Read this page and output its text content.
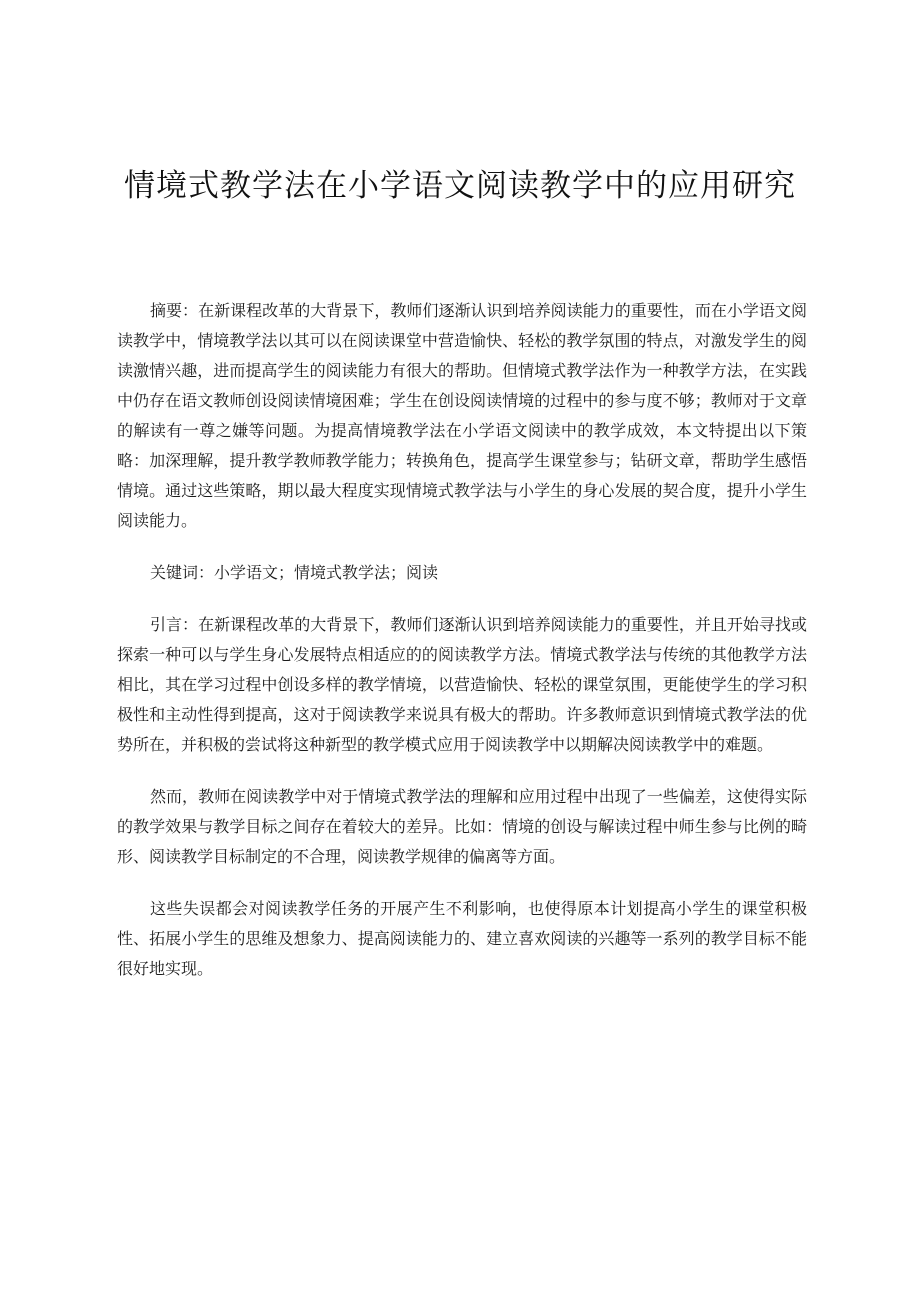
情境式教学法在小学语文阅读教学中的应用研究

摘要：在新课程改革的大背景下，教师们逐渐认识到培养阅读能力的重要性，而在小学语文阅读教学中，情境教学法以其可以在阅读课堂中营造愉快、轻松的教学氛围的特点，对激发学生的阅读激情兴趣，进而提高学生的阅读能力有很大的帮助。但情境式教学法作为一种教学方法，在实践中仍存在语文教师创设阅读情境困难；学生在创设阅读情境的过程中的参与度不够；教师对于文章的解读有一尊之嫌等问题。为提高情境教学法在小学语文阅读中的教学成效，本文特提出以下策略：加深理解，提升教学教师教学能力；转换角色，提高学生课堂参与；钻研文章，帮助学生感悟情境。通过这些策略，期以最大程度实现情境式教学法与小学生的身心发展的契合度，提升小学生阅读能力。

关键词：小学语文；情境式教学法；阅读

引言：在新课程改革的大背景下，教师们逐渐认识到培养阅读能力的重要性，并且开始寻找或探索一种可以与学生身心发展特点相适应的的阅读教学方法。情境式教学法与传统的其他教学方法相比，其在学习过程中创设多样的教学情境，以营造愉快、轻松的课堂氛围，更能使学生的学习积极性和主动性得到提高，这对于阅读教学来说具有极大的帮助。许多教师意识到情境式教学法的优势所在，并积极的尝试将这种新型的教学模式应用于阅读教学中以期解决阅读教学中的难题。

然而，教师在阅读教学中对于情境式教学法的理解和应用过程中出现了一些偏差，这使得实际的教学效果与教学目标之间存在着较大的差异。比如：情境的创设与解读过程中师生参与比例的畸形、阅读教学目标制定的不合理，阅读教学规律的偏离等方面。

这些失误都会对阅读教学任务的开展产生不利影响，也使得原本计划提高小学生的课堂积极性、拓展小学生的思维及想象力、提高阅读能力的、建立喜欢阅读的兴趣等一系列的教学目标不能很好地实现。
